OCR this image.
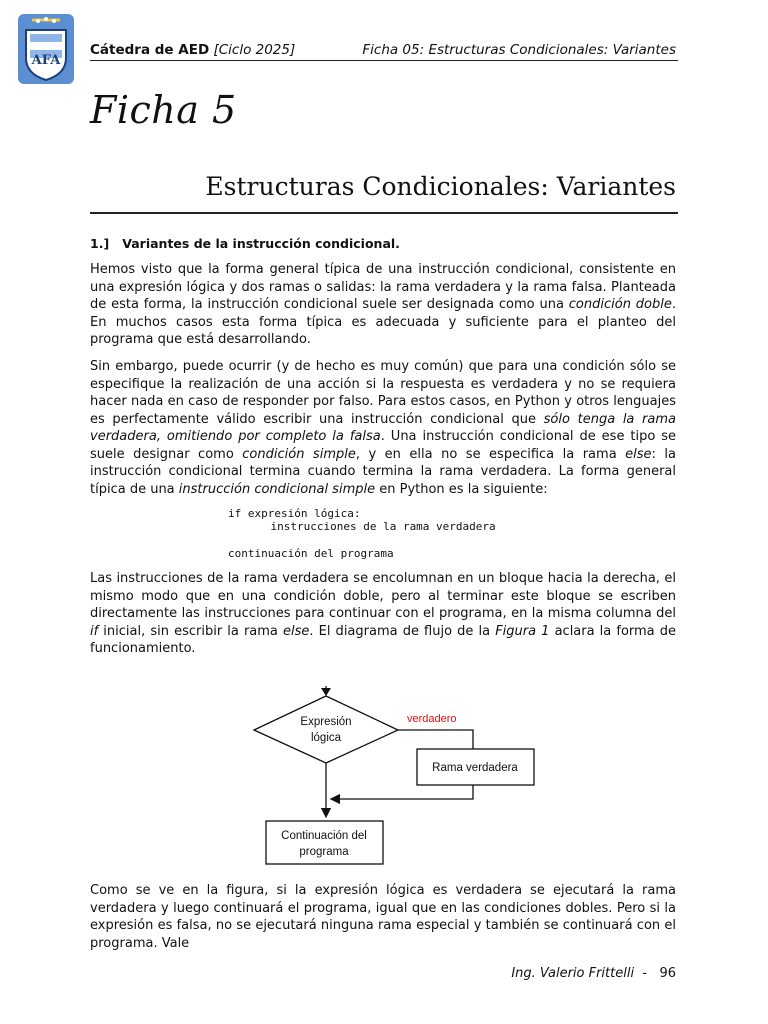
AFA
Cátedra de AED [Ciclo 2025]	Ficha 05: Estructuras Condicionales: Variantes
Ficha 5
Estructuras Condicionales: Variantes
1.] Variantes de la instrucción condicional.

Hemos visto que la forma general típica de una instrucción condicional, consistente en una expresión lógica y dos ramas o salidas: la rama verdadera y la rama falsa. Planteada de esta forma, la instrucción condicional suele ser designada como una condición doble. En muchos casos esta forma típica es adecuada y suficiente para el planteo del programa que está desarrollando.

Sin embargo, puede ocurrir (y de hecho es muy común) que para una condición sólo se especifique la realización de una acción si la respuesta es verdadera y no se requiera hacer nada en caso de responder por falso. Para estos casos, en Python y otros lenguajes es perfectamente válido escribir una instrucción condicional que sólo tenga la rama verdadera, omitiendo por completo la falsa. Una instrucción condicional de ese tipo se suele designar como condición simple, y en ella no se especifica la rama else: la instrucción condicional termina cuando termina la rama verdadera. La forma general típica de una instrucción condicional simple en Python es la siguiente:

if expresión lógica:
instrucciones de la rama verdadera
continuación del programa

Las instrucciones de la rama verdadera se encolumnan en un bloque hacia la derecha, el mismo modo que en una condición doble, pero al terminar este bloque se escriben directamente las instrucciones para continuar con el programa, en la misma columna del if inicial, sin escribir la rama else. El diagrama de flujo de la Figura 1 aclara la forma de funcionamiento.

Expresión
lógica
verdadero
Rama verdadera
Continuación del
programa

Como se ve en la figura, si la expresión lógica es verdadera se ejecutará la rama verdadera y luego continuará el programa, igual que en las condiciones dobles. Pero si la expresión es falsa, no se ejecutará ninguna rama especial y también se continuará con el programa. Vale

Ing. Valerio Frittelli - 96
